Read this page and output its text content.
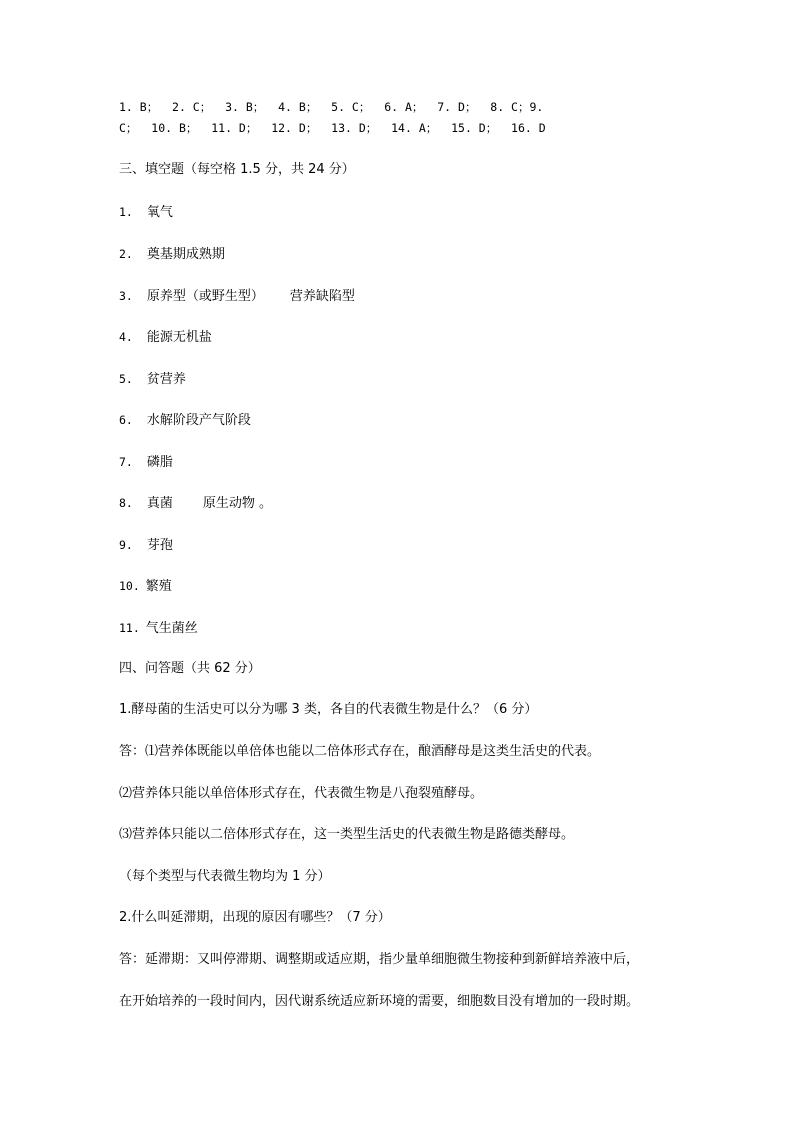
1. B；  2. C；  3. B；  4. B；  5. C；  6. A；  7. D；  8. C；9.
C；  10. B；  11. D；  12. D；  13. D；  14. A；  15. D；  16. D
三、填空题（每空格 1.5 分，共 24 分）
1. 氧气
2. 奠基期成熟期
3. 原养型（或野生型） 营养缺陷型
4. 能源无机盐
5. 贫营养
6. 水解阶段产气阶段
7. 磷脂
8. 真菌 原生动物 。
9. 芽孢
10. 繁殖
11. 气生菌丝
四、问答题（共 62 分）
1.酵母菌的生活史可以分为哪 3 类，各自的代表微生物是什么？（6 分）
答：⑴营养体既能以单倍体也能以二倍体形式存在，酿酒酵母是这类生活史的代表。
⑵营养体只能以单倍体形式存在，代表微生物是八孢裂殖酵母。
⑶营养体只能以二倍体形式存在，这一类型生活史的代表微生物是路德类酵母。
（每个类型与代表微生物均为 1 分）
2.什么叫延滞期，出现的原因有哪些？（7 分）
答：延滞期：又叫停滞期、调整期或适应期，指少量单细胞微生物接种到新鲜培养液中后，
在开始培养的一段时间内，因代谢系统适应新环境的需要，细胞数目没有增加的一段时期。
